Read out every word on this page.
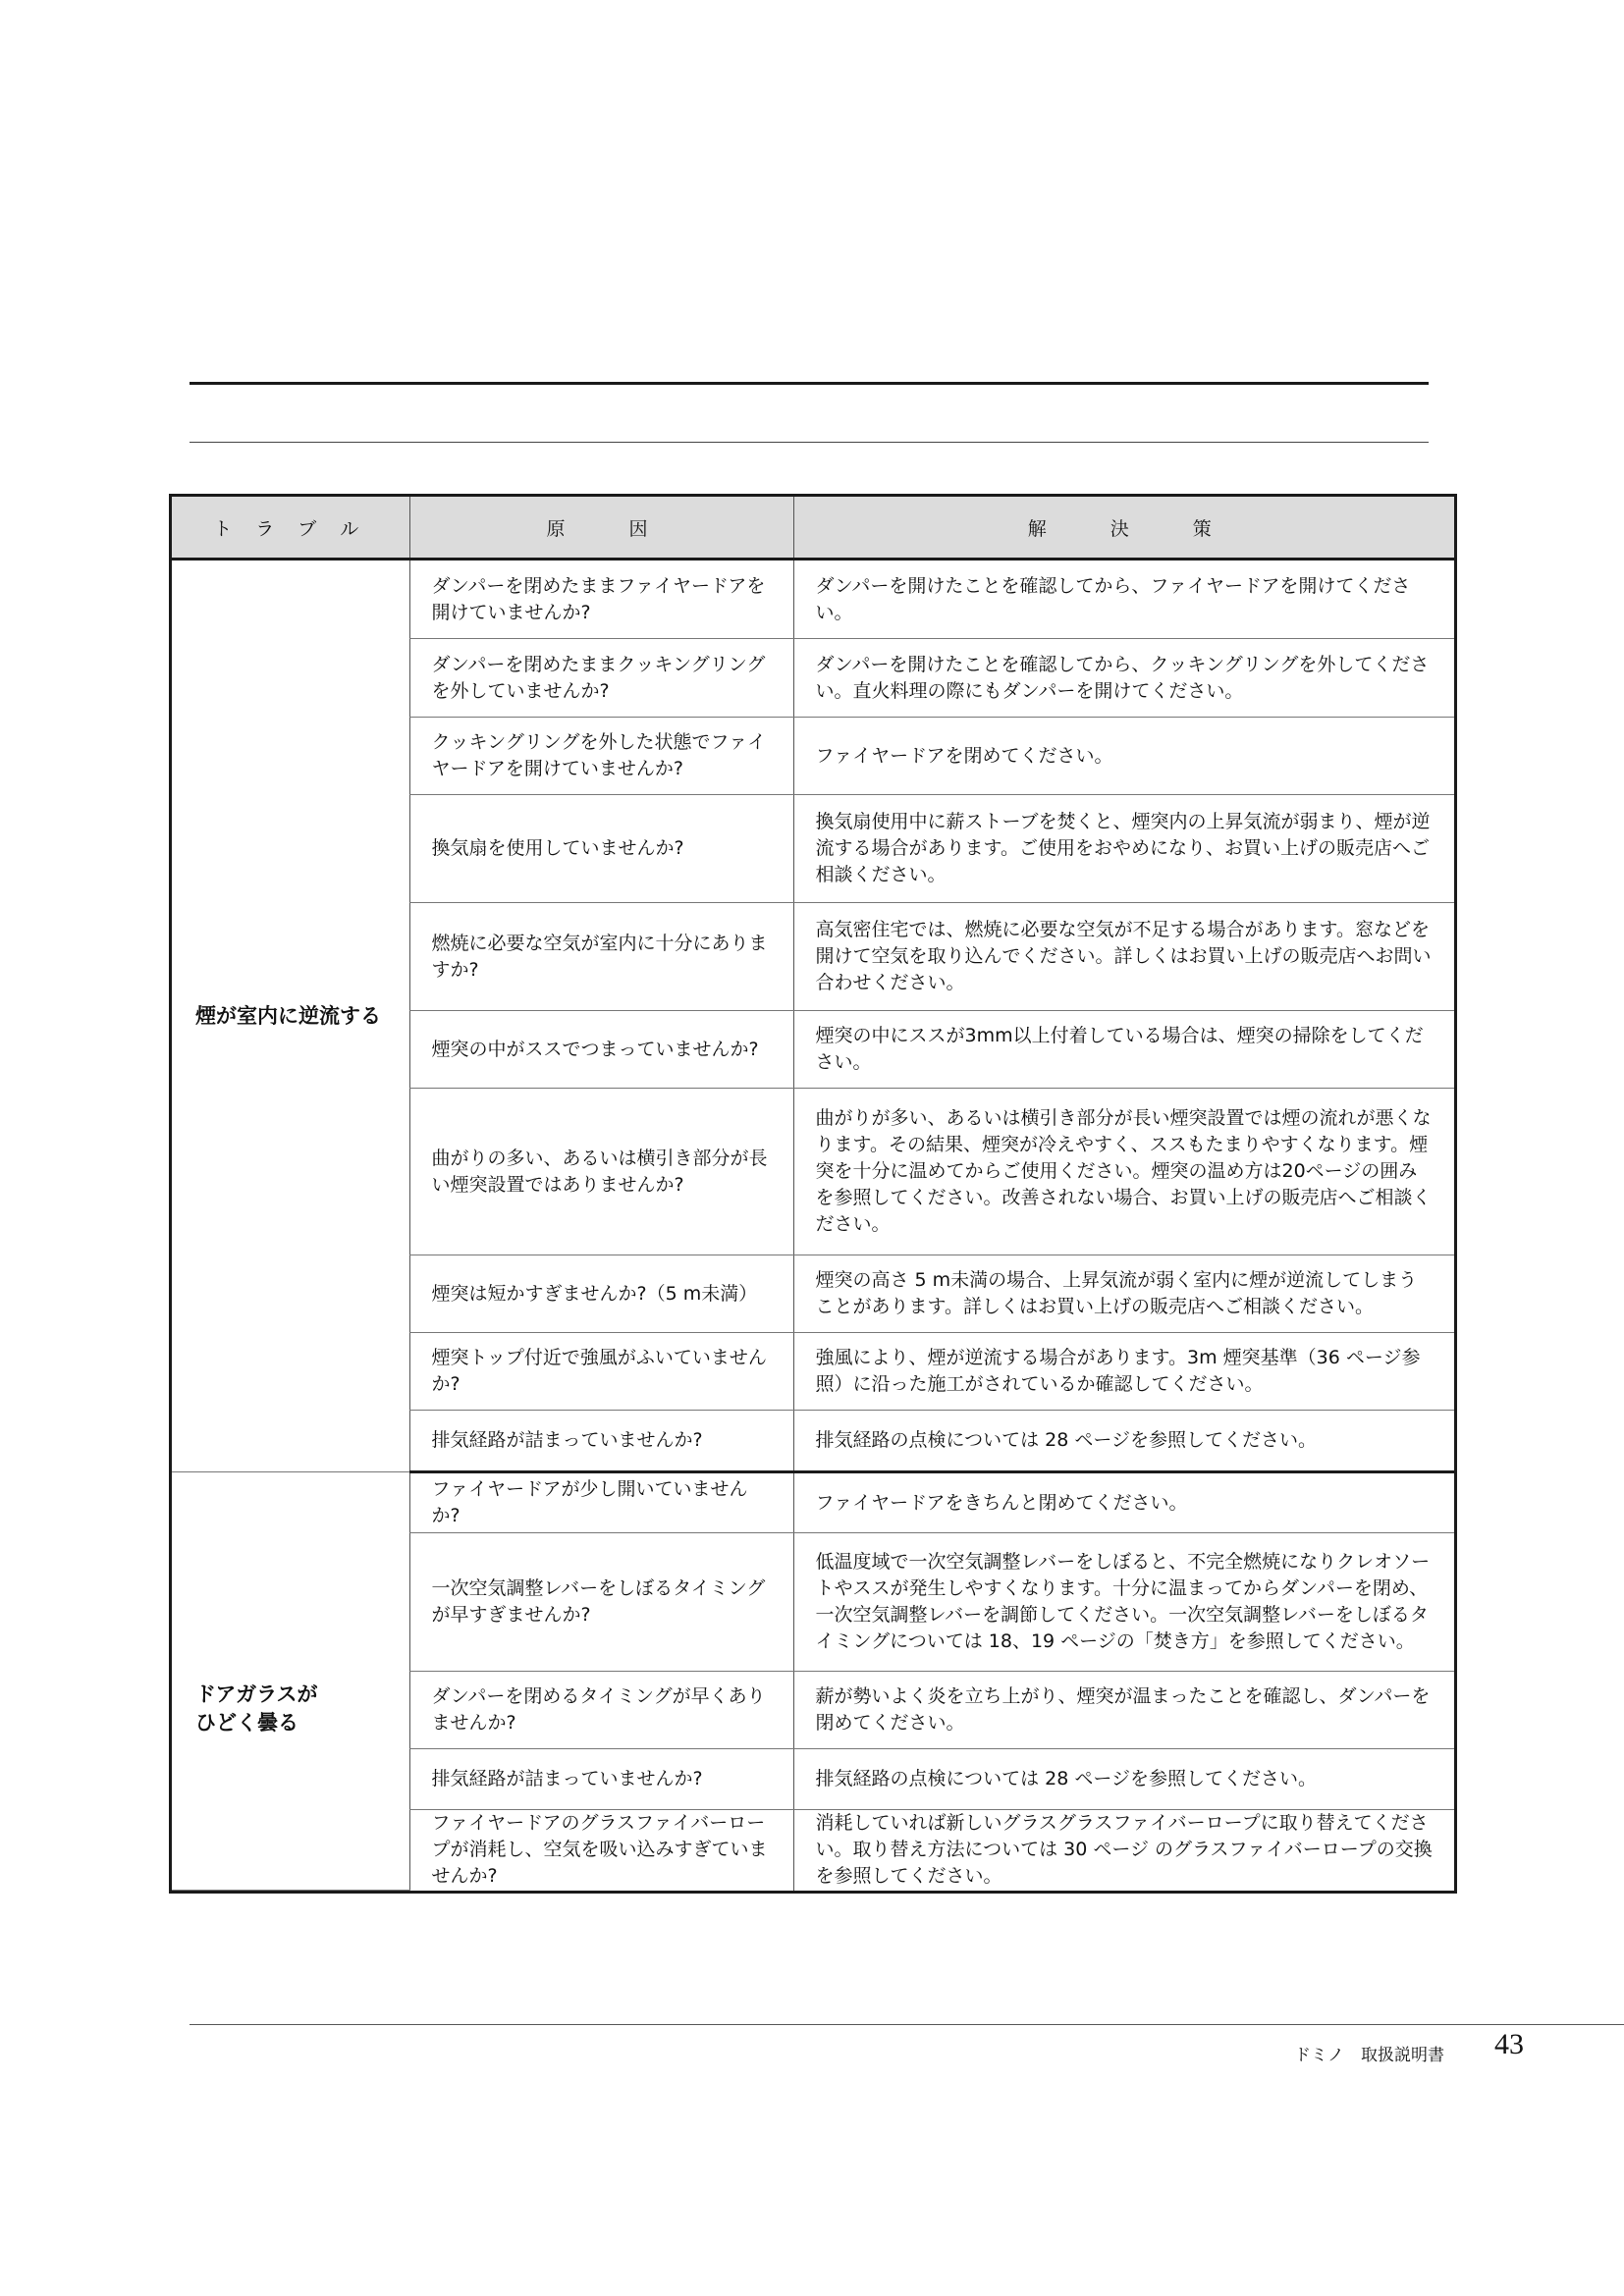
ト ラ ブ ル	原　　因	解　　決　　策
煙が室内に逆流する	ダンパーを閉めたままファイヤードアを開けていませんか?	ダンパーを開けたことを確認してから、ファイヤードアを開けてください。
	ダンパーを閉めたままクッキングリングを外していませんか?	ダンパーを開けたことを確認してから、クッキングリングを外してください。直火料理の際にもダンパーを開けてください。
	クッキングリングを外した状態でファイヤードアを開けていませんか?	ファイヤードアを閉めてください。
	換気扇を使用していませんか?	換気扇使用中に薪ストーブを焚くと、煙突内の上昇気流が弱まり、煙が逆流する場合があります。ご使用をおやめになり、お買い上げの販売店へご相談ください。
	燃焼に必要な空気が室内に十分にありますか?	高気密住宅では、燃焼に必要な空気が不足する場合があります。窓などを開けて空気を取り込んでください。詳しくはお買い上げの販売店へお問い合わせください。
	煙突の中がススでつまっていませんか?	煙突の中にススが3mm以上付着している場合は、煙突の掃除をしてください。
	曲がりの多い、あるいは横引き部分が長い煙突設置ではありませんか?	曲がりが多い、あるいは横引き部分が長い煙突設置では煙の流れが悪くなります。その結果、煙突が冷えやすく、ススもたまりやすくなります。煙突を十分に温めてからご使用ください。煙突の温め方は20ページの囲みを参照してください。改善されない場合、お買い上げの販売店へご相談ください。
	煙突は短かすぎませんか?（5 m未満）	煙突の高さ 5 m未満の場合、上昇気流が弱く室内に煙が逆流してしまうことがあります。詳しくはお買い上げの販売店へご相談ください。
	煙突トップ付近で強風がふいていませんか?	強風により、煙が逆流する場合があります。3m 煙突基準（36 ページ参照）に沿った施工がされているか確認してください。
	排気経路が詰まっていませんか?	排気経路の点検については 28 ページを参照してください。

ドアガラスが
ひどく曇る	ファイヤードアが少し開いていませんか?	ファイヤードアをきちんと閉めてください。
	一次空気調整レバーをしぼるタイミングが早すぎませんか?	低温度域で一次空気調整レバーをしぼると、不完全燃焼になりクレオソートやススが発生しやすくなります。十分に温まってからダンパーを閉め、一次空気調整レバーを調節してください。一次空気調整レバーをしぼるタイミングについては 18、19 ページの「焚き方」を参照してください。
	ダンパーを閉めるタイミングが早くありませんか?	薪が勢いよく炎を立ち上がり、煙突が温まったことを確認し、ダンパーを閉めてください。
	排気経路が詰まっていませんか?	排気経路の点検については 28 ページを参照してください。
	ファイヤードアのグラスファイバーロープが消耗し、空気を吸い込みすぎていませんか?	消耗していれば新しいグラスグラスファイバーロープに取り替えてください。取り替え方法については 30 ページ のグラスファイバーロープの交換を参照してください。
ドミノ　取扱説明書 43
